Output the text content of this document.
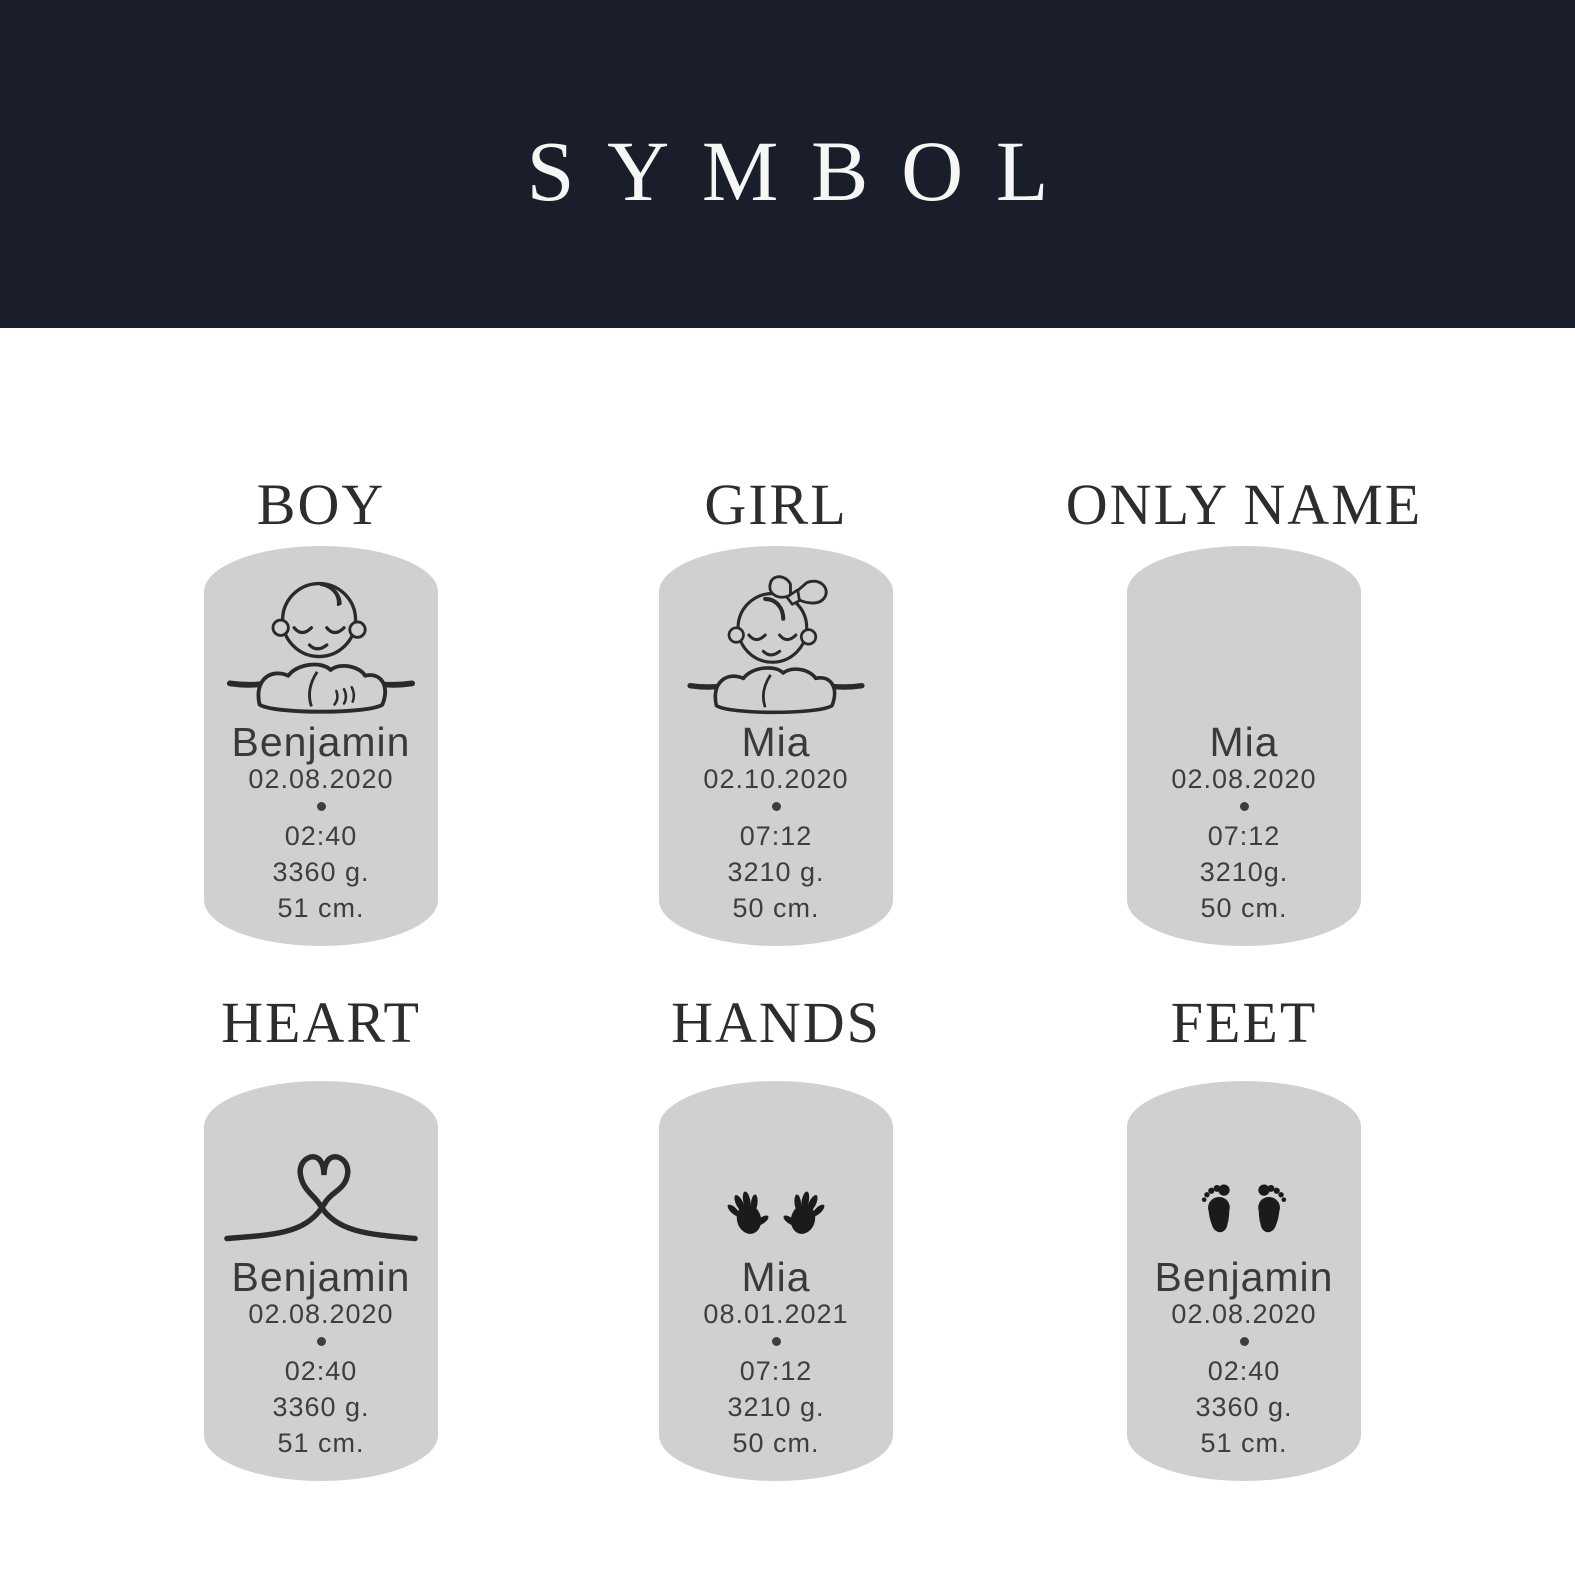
SYMBOL
BOY
Benjamin
02.08.2020
02:40
3360 g.
51 cm.
GIRL
Mia
02.10.2020
07:12
3210 g.
50 cm.
ONLY NAME
Mia
02.08.2020
07:12
3210g.
50 cm.
HEART
Benjamin
02.08.2020
02:40
3360 g.
51 cm.
HANDS
Mia
08.01.2021
07:12
3210 g.
50 cm.
FEET
Benjamin
02.08.2020
02:40
3360 g.
51 cm.
